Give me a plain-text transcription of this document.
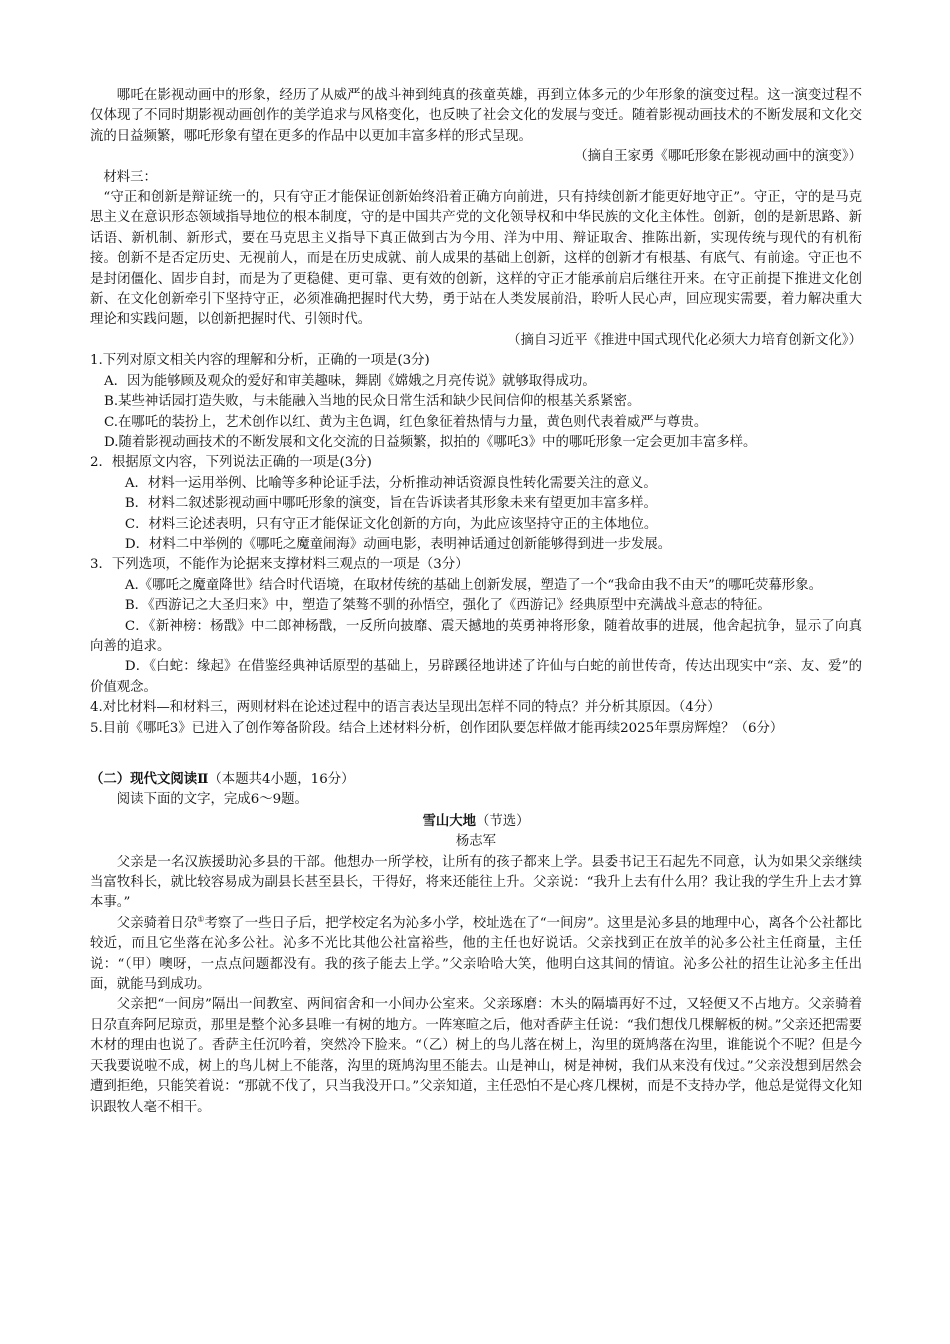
哪吒在影视动画中的形象，经历了从威严的战斗神到纯真的孩童英雄，再到立体多元的少年形象的演变过程。这一演变过程不仅体现了不同时期影视动画创作的美学追求与风格变化，也反映了社会文化的发展与变迁。随着影视动画技术的不断发展和文化交流的日益频繁，哪吒形象有望在更多的作品中以更加丰富多样的形式呈现。

（摘自王家勇《哪吒形象在影视动画中的演变》）

材料三：

“守正和创新是辩证统一的，只有守正才能保证创新始终沿着正确方向前进，只有持续创新才能更好地守正”。守正，守的是马克思主义在意识形态领域指导地位的根本制度，守的是中国共产党的文化领导权和中华民族的文化主体性。创新，创的是新思路、新话语、新机制、新形式，要在马克思主义指导下真正做到古为今用、洋为中用、辩证取舍、推陈出新，实现传统与现代的有机衔接。创新不是否定历史、无视前人，而是在历史成就、前人成果的基础上创新，这样的创新才有根基、有底气、有前途。守正也不是封闭僵化、固步自封，而是为了更稳健、更可靠、更有效的创新，这样的守正才能承前启后继往开来。在守正前提下推进文化创新、在文化创新牵引下坚持守正，必须准确把握时代大势，勇于站在人类发展前沿，聆听人民心声，回应现实需要，着力解决重大理论和实践问题，以创新把握时代、引领时代。

（摘自习近平《推进中国式现代化必须大力培育创新文化》）

1.下列对原文相关内容的理解和分析，正确的一项是(3分)

A．因为能够顾及观众的爱好和审美趣味，舞剧《嫦娥之月亮传说》就够取得成功。

B.某些神话园打造失败，与未能融入当地的民众日常生活和缺少民间信仰的根基关系紧密。

C.在哪吒的装扮上，艺术创作以红、黄为主色调，红色象征着热情与力量，黄色则代表着威严与尊贵。

D.随着影视动画技术的不断发展和文化交流的日益频繁，拟拍的《哪吒3》中的哪吒形象一定会更加丰富多样。

2．根据原文内容，下列说法正确的一项是(3分)

A．材料一运用举例、比喻等多种论证手法，分析推动神话资源良性转化需要关注的意义。

B．材料二叙述影视动画中哪吒形象的演变，旨在告诉读者其形象未来有望更加丰富多样。

C．材料三论述表明，只有守正才能保证文化创新的方向，为此应该坚持守正的主体地位。

D．材料二中举例的《哪吒之魔童闹海》动画电影，表明神话通过创新能够得到进一步发展。

3．下列选项，不能作为论据来支撑材料三观点的一项是（3分）

A.《哪吒之魔童降世》结合时代语境，在取材传统的基础上创新发展，塑造了一个“我命由我不由天”的哪吒荧幕形象。

B．《西游记之大圣归来》中，塑造了桀骜不驯的孙悟空，强化了《西游记》经典原型中充满战斗意志的特征。

C．《新神榜：杨戬》中二郎神杨戬，一反所向披靡、震天撼地的英勇神将形象，随着故事的进展，他舍起抗争，显示了向真向善的追求。

D．《白蛇：缘起》在借鉴经典神话原型的基础上，另辟蹊径地讲述了许仙与白蛇的前世传奇，传达出现实中“亲、友、爱”的价值观念。

4.对比材料—和材料三，两则材料在论述过程中的语言表达呈现出怎样不同的特点？并分析其原因。（4分）

5.目前《哪吒3》已进入了创作筹备阶段。结合上述材料分析，创作团队要怎样做才能再续2025年票房辉煌？（6分）

（二）现代文阅读Ⅱ（本题共4小题，16分）

阅读下面的文字，完成6～9题。

雪山大地（节选）

杨志军

父亲是一名汉族援助沁多县的干部。他想办一所学校，让所有的孩子都来上学。县委书记王石起先不同意，认为如果父亲继续当富牧科长，就比较容易成为副县长甚至县长，干得好，将来还能往上升。父亲说：“我升上去有什么用？我让我的学生升上去才算本事。”

父亲骑着日尕①考察了一些日子后，把学校定名为沁多小学，校址选在了“一间房”。这里是沁多县的地理中心，离各个公社都比较近，而且它坐落在沁多公社。沁多不光比其他公社富裕些，他的主任也好说话。父亲找到正在放羊的沁多公社主任商量，主任说：“（甲）噢呀，一点点问题都没有。我的孩子能去上学。”父亲哈哈大笑，他明白这其间的情谊。沁多公社的招生让沁多主任出面，就能马到成功。

父亲把“一间房”隔出一间教室、两间宿舍和一小间办公室来。父亲琢磨：木头的隔墙再好不过，又轻便又不占地方。父亲骑着日尕直奔阿尼琼贡，那里是整个沁多县唯一有树的地方。一阵寒暄之后，他对香萨主任说：“我们想伐几棵解板的树。”父亲还把需要木材的理由也说了。香萨主任沉吟着，突然冷下脸来。“（乙）树上的鸟儿落在树上，沟里的斑鸠落在沟里，谁能说个不呢？但是今天我要说啦不成，树上的鸟儿树上不能落，沟里的斑鸠沟里丕能去。山是神山，树是神树，我们从来没有伐过。”父亲没想到居然会遭到拒绝，只能笑着说：“那就不伐了，只当我没开口。”父亲知道，主任恐怕不是心疼几棵树，而是不支持办学，他总是觉得文化知识跟牧人毫不相干。
